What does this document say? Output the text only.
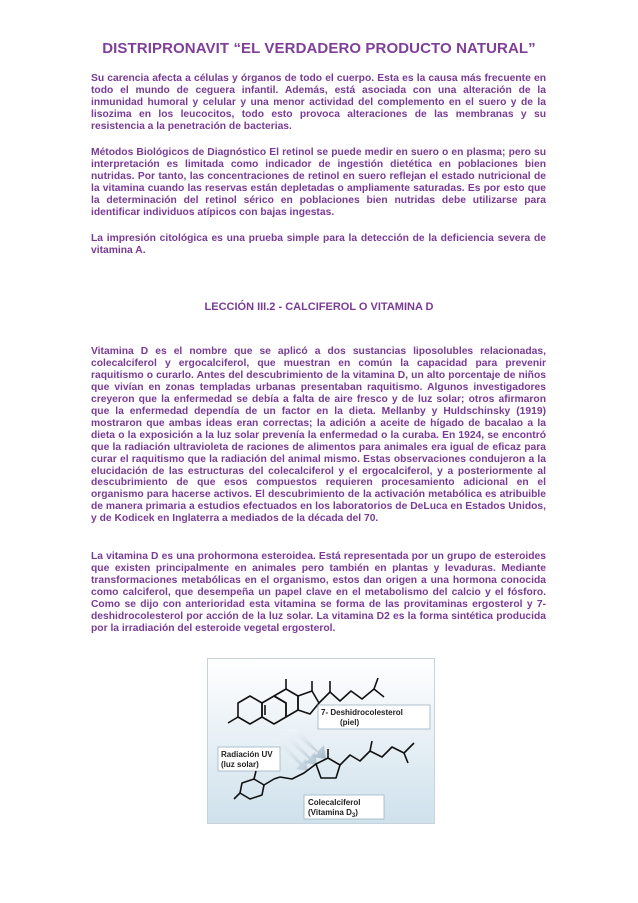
DISTRIPRONAVIT “EL VERDADERO PRODUCTO NATURAL”

Su carencia afecta a células y órganos de todo el cuerpo. Esta es la causa más frecuente en todo el mundo de ceguera infantil. Además, está asociada con una alteración de la inmunidad humoral y celular y una menor actividad del complemento en el suero y de la lisozima en los leucocitos, todo esto provoca alteraciones de las membranas y su resistencia a la penetración de bacterias.

Métodos Biológicos de Diagnóstico El retinol se puede medir en suero o en plasma; pero su interpretación es limitada como indicador de ingestión dietética en poblaciones bien nutridas. Por tanto, las concentraciones de retinol en suero reflejan el estado nutricional de la vitamina cuando las reservas están depletadas o ampliamente saturadas. Es por esto que la determinación del retinol sérico en poblaciones bien nutridas debe utilizarse para identificar individuos atípicos con bajas ingestas.

La impresión citológica es una prueba simple para la detección de la deficiencia severa de vitamina A.

LECCIÓN III.2 - CALCIFEROL O VITAMINA D

Vitamina D es el nombre que se aplicó a dos sustancias liposolubles relacionadas, colecalciferol y ergocalciferol, que muestran en común la capacidad para prevenir raquitismo o curarlo. Antes del descubrimiento de la vitamina D, un alto porcentaje de niños que vivían en zonas templadas urbanas presentaban raquitismo. Algunos investigadores creyeron que la enfermedad se debía a falta de aire fresco y de luz solar; otros afirmaron que la enfermedad dependía de un factor en la dieta. Mellanby y Huldschinsky (1919) mostraron que ambas ideas eran correctas; la adición a aceite de hígado de bacalao a la dieta o la exposición a la luz solar prevenía la enfermedad o la curaba. En 1924, se encontró que la radiación ultravioleta de raciones de alimentos para animales era igual de eficaz para curar el raquitismo que la radiación del animal mismo. Estas observaciones condujeron a la elucidación de las estructuras del colecalciferol y el ergocalciferol, y a posteriormente al descubrimiento de que esos compuestos requieren procesamiento adicional en el organismo para hacerse activos. El descubrimiento de la activación metabólica es atribuible de manera primaria a estudios efectuados en los laboratorios de DeLuca en Estados Unidos, y de Kodicek en Inglaterra a mediados de la década del 70.

La vitamina D es una prohormona esteroidea. Está representada por un grupo de esteroides que existen principalmente en animales pero también en plantas y levaduras. Mediante transformaciones metabólicas en el organismo, estos dan origen a una hormona conocida como calciferol, que desempeña un papel clave en el metabolismo del calcio y el fósforo. Como se dijo con anterioridad esta vitamina se forma de las provitaminas ergosterol y 7-deshidrocolesterol por acción de la luz solar. La vitamina D2 es la forma sintética producida por la irradiación del esteroide vegetal ergosterol.

7- Deshidrocolesterol
(piel)
Radiación UV
(luz solar)
Colecalciferol
(Vitamina $D_3$)
